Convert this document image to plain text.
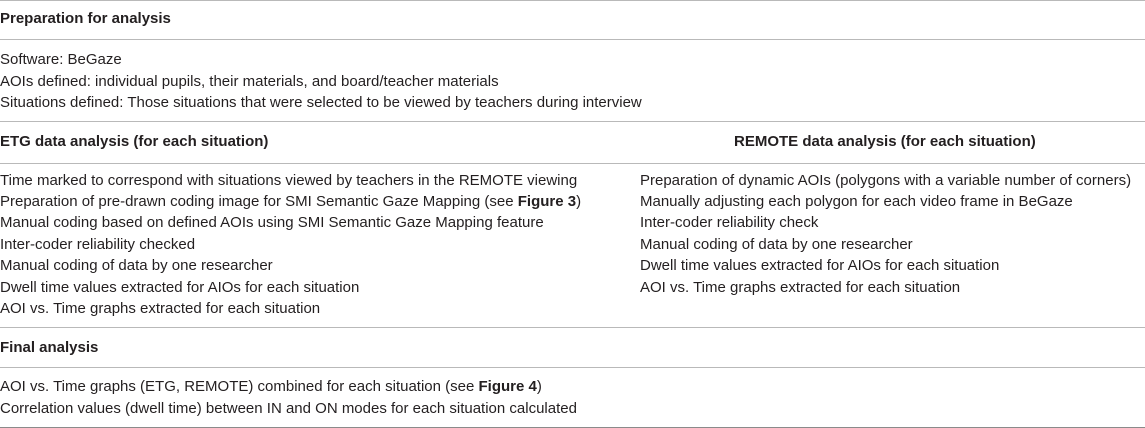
Preparation for analysis
Software: BeGaze
AOIs defined: individual pupils, their materials, and board/teacher materials
Situations defined: Those situations that were selected to be viewed by teachers during interview
ETG data analysis (for each situation)	REMOTE data analysis (for each situation)
Time marked to correspond with situations viewed by teachers in the REMOTE viewing
Preparation of pre-drawn coding image for SMI Semantic Gaze Mapping (see Figure 3)
Manual coding based on defined AOIs using SMI Semantic Gaze Mapping feature
Inter-coder reliability checked
Manual coding of data by one researcher
Dwell time values extracted for AIOs for each situation
AOI vs. Time graphs extracted for each situation
Preparation of dynamic AOIs (polygons with a variable number of corners)
Manually adjusting each polygon for each video frame in BeGaze
Inter-coder reliability check
Manual coding of data by one researcher
Dwell time values extracted for AIOs for each situation
AOI vs. Time graphs extracted for each situation
Final analysis
AOI vs. Time graphs (ETG, REMOTE) combined for each situation (see Figure 4)
Correlation values (dwell time) between IN and ON modes for each situation calculated
